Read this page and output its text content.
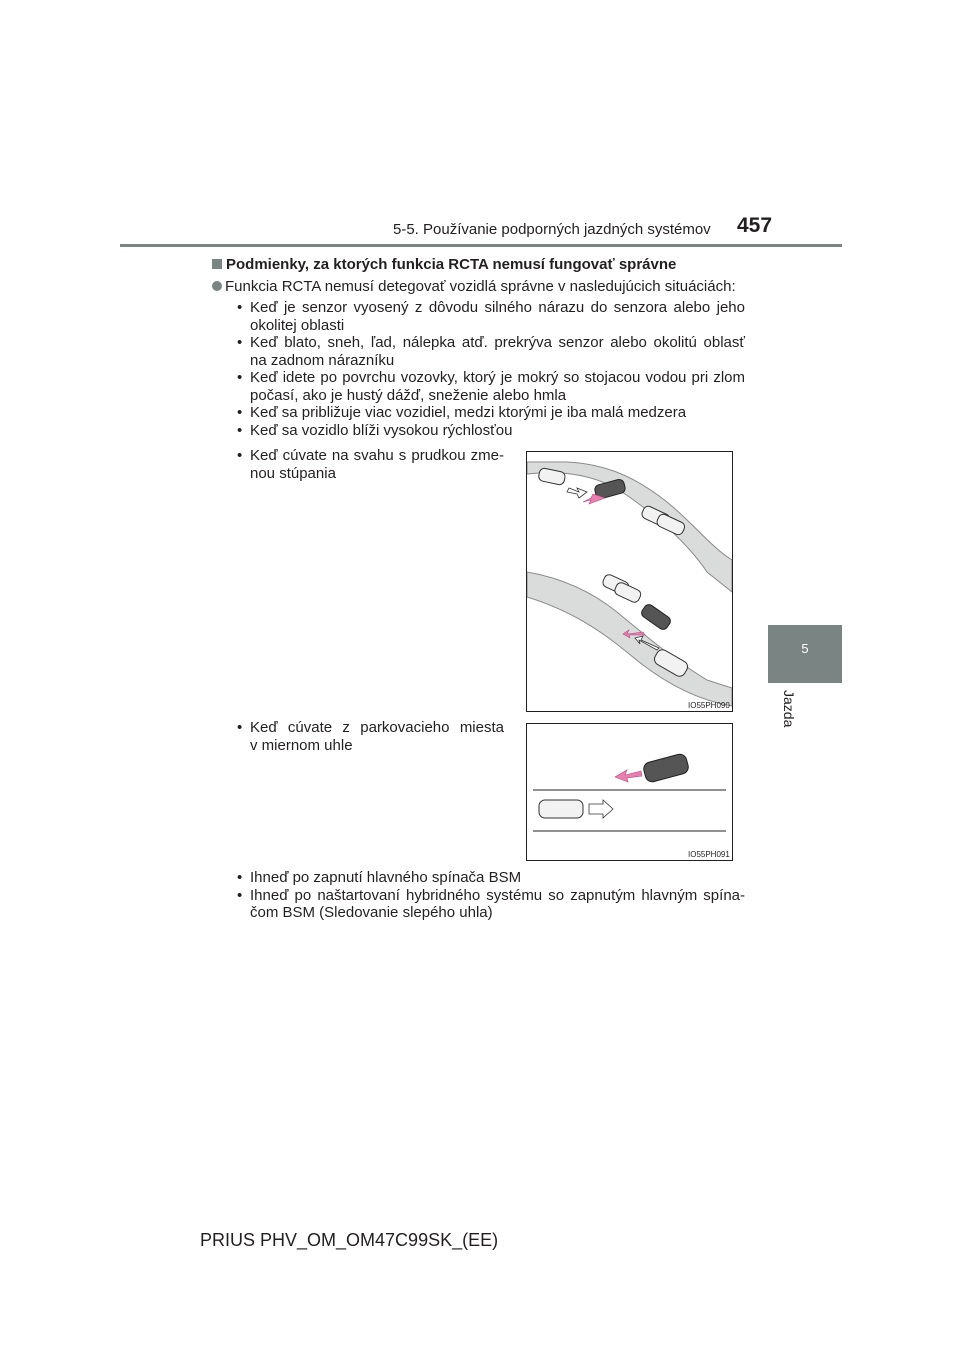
5-5. Používanie podporných jazdných systémov 457
5
Jazda
Podmienky, za ktorých funkcia RCTA nemusí fungovať správne
Funkcia RCTA nemusí detegovať vozidlá správne v nasledujúcich situáciách:
• Keď je senzor vyosený z dôvodu silného nárazu do senzora alebo jeho
okolitej oblasti
• Keď blato, sneh, ľad, nálepka atď. prekrýva senzor alebo okolitú oblasť
na zadnom nárazníku
• Keď idete po povrchu vozovky, ktorý je mokrý so stojacou vodou pri zlom
počasí, ako je hustý dážď, sneženie alebo hmla
• Keď sa približuje viac vozidiel, medzi ktorými je iba malá medzera
• Keď sa vozidlo blíži vysokou rýchlosťou
• Keď cúvate na svahu s prudkou zme-
nou stúpania
IO55PH090
• Keď cúvate z parkovacieho miesta
v miernom uhle
IO55PH091
• Ihneď po zapnutí hlavného spínača BSM
• Ihneď po naštartovaní hybridného systému so zapnutým hlavným spína-
čom BSM (Sledovanie slepého uhla)
PRIUS PHV_OM_OM47C99SK_(EE)
